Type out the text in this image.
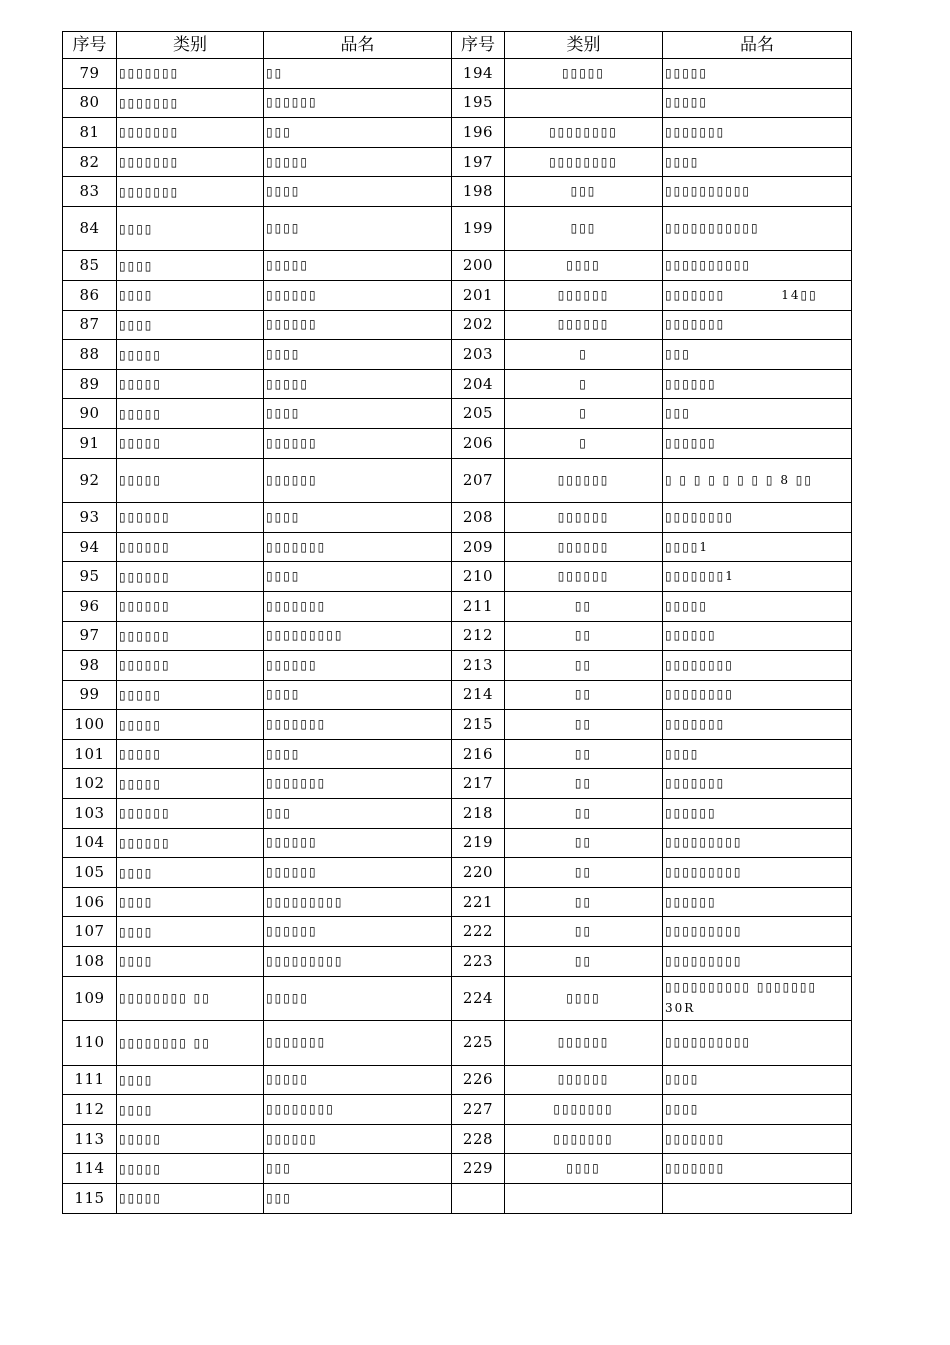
序号	类别	品名	序号	类别	品名
79	▯▯▯▯▯▯▯	▯▯	194	▯▯▯▯▯	▯▯▯▯▯
80	▯▯▯▯▯▯▯	▯▯▯▯▯▯	195		▯▯▯▯▯
81	▯▯▯▯▯▯▯	▯▯▯	196	▯▯▯▯▯▯▯▯	▯▯▯▯▯▯▯
82	▯▯▯▯▯▯▯	▯▯▯▯▯	197	▯▯▯▯▯▯▯▯	▯▯▯▯
83	▯▯▯▯▯▯▯	▯▯▯▯	198	▯▯▯	▯▯▯▯▯▯▯▯▯▯
84	▯▯▯▯	▯▯▯▯	199	▯▯▯	▯▯▯▯▯▯▯▯▯▯▯
85	▯▯▯▯	▯▯▯▯▯	200	▯▯▯▯	▯▯▯▯▯▯▯▯▯▯
86	▯▯▯▯	▯▯▯▯▯▯	201	▯▯▯▯▯▯	▯▯▯▯▯▯▯　　　　14▯▯
87	▯▯▯▯	▯▯▯▯▯▯	202	▯▯▯▯▯▯	▯▯▯▯▯▯▯
88	▯▯▯▯▯	▯▯▯▯	203	▯	▯▯▯
89	▯▯▯▯▯	▯▯▯▯▯	204	▯	▯▯▯▯▯▯
90	▯▯▯▯▯	▯▯▯▯	205	▯	▯▯▯
91	▯▯▯▯▯	▯▯▯▯▯▯	206	▯	▯▯▯▯▯▯
92	▯▯▯▯▯	▯▯▯▯▯▯	207	▯▯▯▯▯▯	▯ ▯ ▯ ▯ ▯ ▯ ▯ ▯ 8 ▯▯
93	▯▯▯▯▯▯	▯▯▯▯	208	▯▯▯▯▯▯	▯▯▯▯▯▯▯▯
94	▯▯▯▯▯▯	▯▯▯▯▯▯▯	209	▯▯▯▯▯▯	▯▯▯▯1
95	▯▯▯▯▯▯	▯▯▯▯	210	▯▯▯▯▯▯	▯▯▯▯▯▯▯1
96	▯▯▯▯▯▯	▯▯▯▯▯▯▯	211	▯▯	▯▯▯▯▯
97	▯▯▯▯▯▯	▯▯▯▯▯▯▯▯▯	212	▯▯	▯▯▯▯▯▯
98	▯▯▯▯▯▯	▯▯▯▯▯▯	213	▯▯	▯▯▯▯▯▯▯▯
99	▯▯▯▯▯	▯▯▯▯	214	▯▯	▯▯▯▯▯▯▯▯
100	▯▯▯▯▯	▯▯▯▯▯▯▯	215	▯▯	▯▯▯▯▯▯▯
101	▯▯▯▯▯	▯▯▯▯	216	▯▯	▯▯▯▯
102	▯▯▯▯▯	▯▯▯▯▯▯▯	217	▯▯	▯▯▯▯▯▯▯
103	▯▯▯▯▯▯	▯▯▯	218	▯▯	▯▯▯▯▯▯
104	▯▯▯▯▯▯	▯▯▯▯▯▯	219	▯▯	▯▯▯▯▯▯▯▯▯
105	▯▯▯▯	▯▯▯▯▯▯	220	▯▯	▯▯▯▯▯▯▯▯▯
106	▯▯▯▯	▯▯▯▯▯▯▯▯▯	221	▯▯	▯▯▯▯▯▯
107	▯▯▯▯	▯▯▯▯▯▯	222	▯▯	▯▯▯▯▯▯▯▯▯
108	▯▯▯▯	▯▯▯▯▯▯▯▯▯	223	▯▯	▯▯▯▯▯▯▯▯▯
109	▯▯▯▯▯▯▯▯ ▯▯	▯▯▯▯▯	224	▯▯▯▯	▯▯▯▯▯▯▯▯▯▯ ▯▯▯▯▯▯▯　　　　30R
110	▯▯▯▯▯▯▯▯ ▯▯	▯▯▯▯▯▯▯	225	▯▯▯▯▯▯	▯▯▯▯▯▯▯▯▯▯
111	▯▯▯▯	▯▯▯▯▯	226	▯▯▯▯▯▯	▯▯▯▯
112	▯▯▯▯	▯▯▯▯▯▯▯▯	227	▯▯▯▯▯▯▯	▯▯▯▯
113	▯▯▯▯▯	▯▯▯▯▯▯	228	▯▯▯▯▯▯▯	▯▯▯▯▯▯▯
114	▯▯▯▯▯	▯▯▯	229	▯▯▯▯	▯▯▯▯▯▯▯
115	▯▯▯▯▯	▯▯▯			
